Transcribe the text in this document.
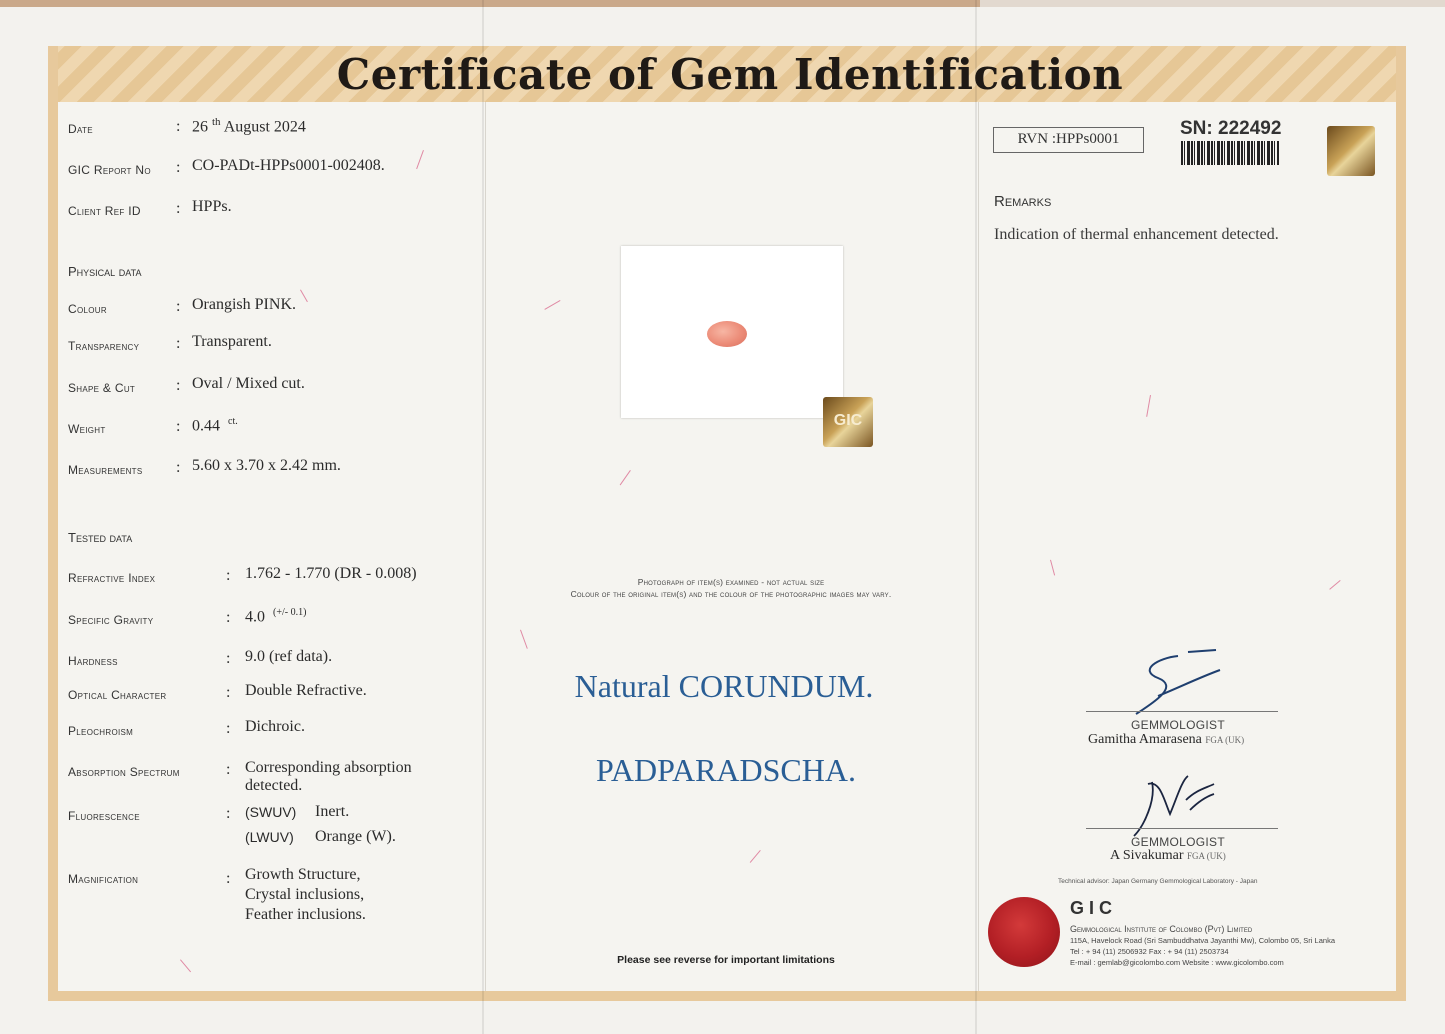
Certificate of Gem Identification
Date	: 26 $^{th}$ August 2024
GIC Report No : CO-PADt-HPPs0001-002408.
Client Ref ID : HPPs.
Physical data
Colour	: Orangish PINK.
Transparency : Transparent.
Shape & Cut	: Oval / Mixed cut.
Weight	: 0.44 $^{ct.}$
Measurements : 5.60 x 3.70 x 2.42 mm.
Tested data
Refractive Index	: 1.762 - 1.770 (DR - 0.008)
Specific Gravity	: 4.0 $^{(+/- 0.1)}$
Hardness	: 9.0 (ref data).
Optical Character	: Double Refractive.
Pleochroism	: Dichroic.
Absorption Spectrum	: Corresponding absorption
detected.
Fluorescence	: (SWUV) Inert.
(LWUV) Orange (W).
Magnification	: Growth Structure,
Crystal inclusions,
Feather inclusions.
GIC
Photograph of item(s) examined - not actual size
Colour of the original item(s) and the colour of the photographic images may vary.
Natural CORUNDUM.
PADPARADSCHA.
Please see reverse for important limitations
RVN :HPPs0001	SN: 222492
Remarks
Indication of thermal enhancement detected.
GEMMOLOGIST
Gamitha Amarasena FGA (UK)
GEMMOLOGIST
A Sivakumar FGA (UK)
Technical advisor: Japan Germany Gemmological Laboratory - Japan
GIC
Gemmological Institute of Colombo (Pvt) Limited
115A, Havelock Road (Sri Sambuddhatva Jayanthi Mw), Colombo 05, Sri Lanka
Tel : + 94 (11) 2506932 Fax : + 94 (11) 2503734
E-mail : gemlab@gicolombo.com Website : www.gicolombo.com
